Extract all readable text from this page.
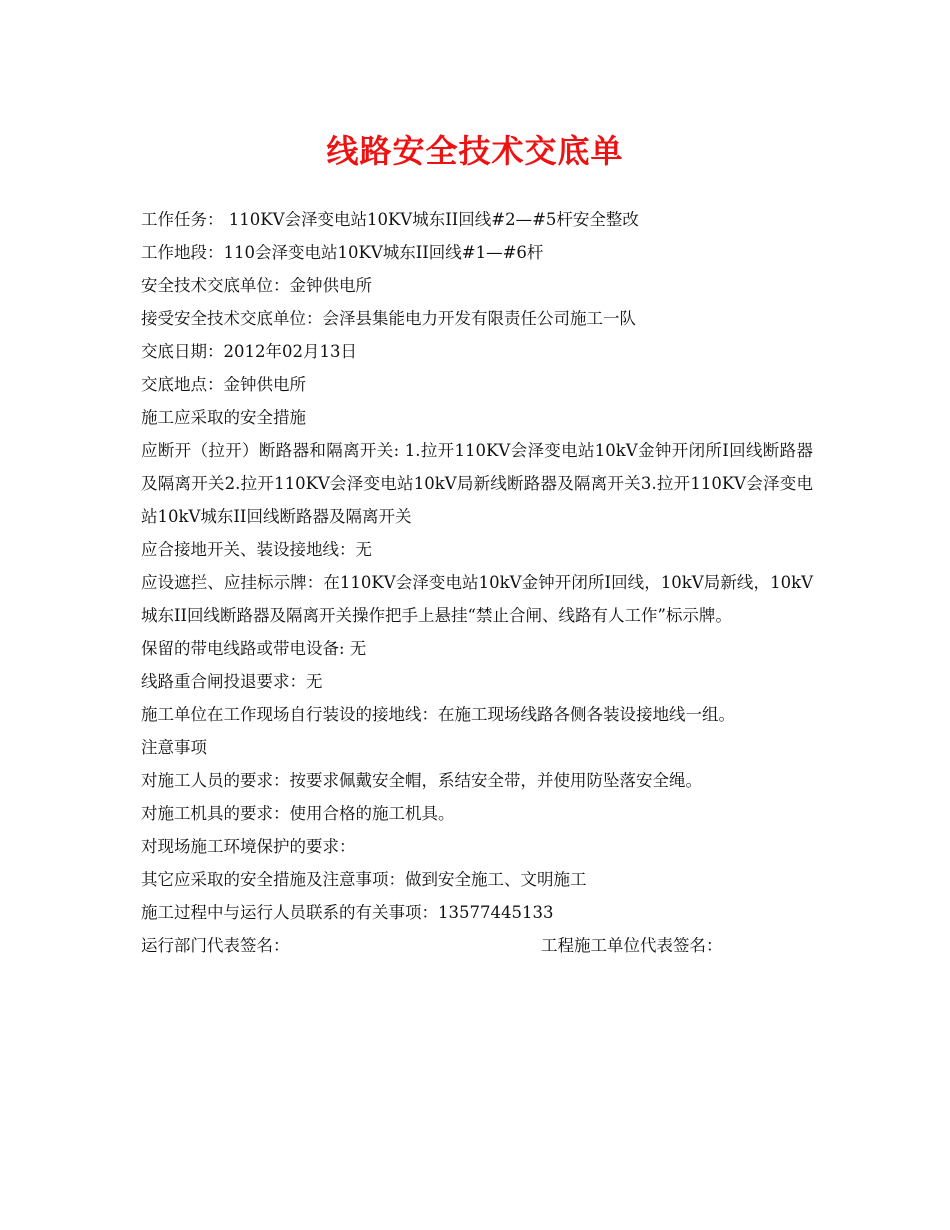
线路安全技术交底单
工作任务： 110KV会泽变电站10KV城东II回线#2—#5杆安全整改
工作地段：110会泽变电站10KV城东II回线#1—#6杆
安全技术交底单位：金钟供电所
接受安全技术交底单位：会泽县集能电力开发有限责任公司施工一队
交底日期：2012年02月13日
交底地点：金钟供电所
施工应采取的安全措施
应断开（拉开）断路器和隔离开关: 1.拉开110KV会泽变电站10kV金钟开闭所I回线断路器及隔离开关2.拉开110KV会泽变电站10kV局新线断路器及隔离开关3.拉开110KV会泽变电站10kV城东II回线断路器及隔离开关
应合接地开关、装设接地线：无
应设遮拦、应挂标示牌：在110KV会泽变电站10kV金钟开闭所I回线，10kV局新线，10kV城东II回线断路器及隔离开关操作把手上悬挂“禁止合闸、线路有人工作”标示牌。
保留的带电线路或带电设备: 无
线路重合闸投退要求：无
施工单位在工作现场自行装设的接地线：在施工现场线路各侧各装设接地线一组。
注意事项
对施工人员的要求：按要求佩戴安全帽，系结安全带，并使用防坠落安全绳。
对施工机具的要求：使用合格的施工机具。
对现场施工环境保护的要求：
其它应采取的安全措施及注意事项：做到安全施工、文明施工
施工过程中与运行人员联系的有关事项：13577445133
运行部门代表签名：	工程施工单位代表签名：
